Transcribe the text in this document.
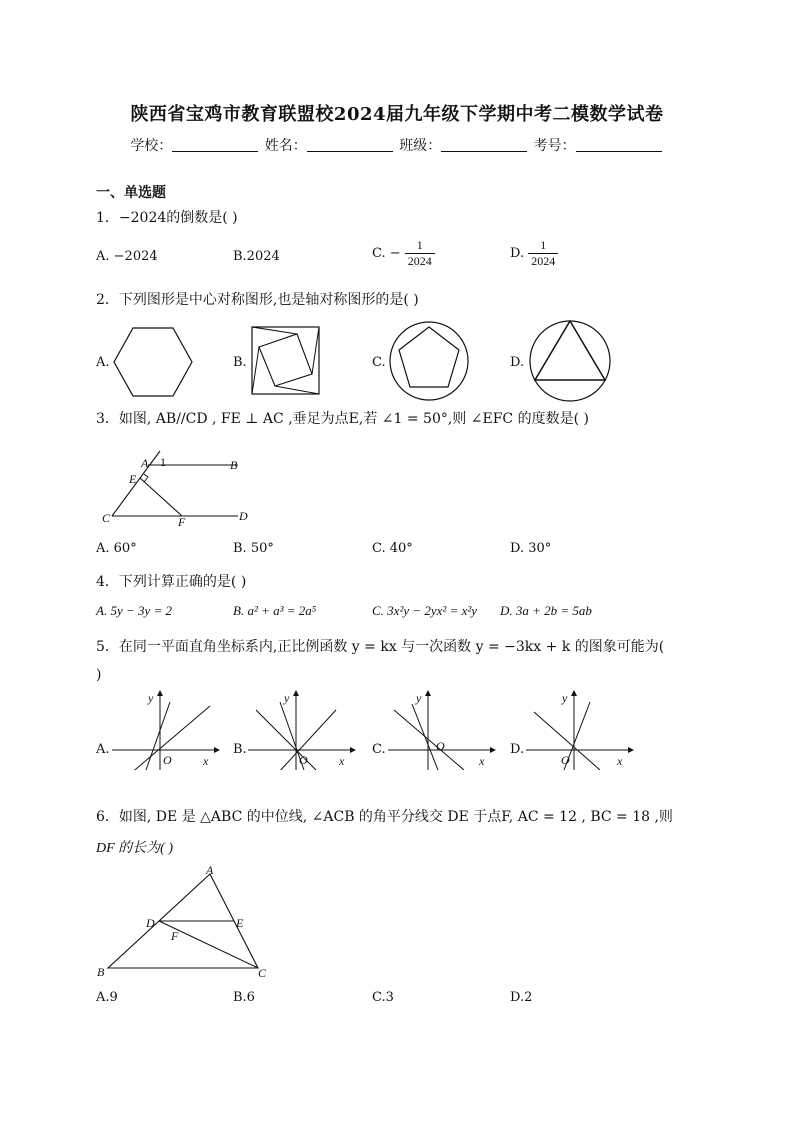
陕西省宝鸡市教育联盟校2024届九年级下学期中考二模数学试卷
学校：	姓名：	班级：	考号：
一、单选题
1．−2024的倒数是( )
A. −2024	B.2024	C. − $\frac{1}{2024}$	D. $\frac{1}{2024}$
2．下列图形是中心对称图形,也是轴对称图形的是( )
A.	B.	C.	D.
3．如图, AB//CD , FE ⊥ AC ,垂足为点E,若 ∠1 = 50°,则 ∠EFC 的度数是( )
A 1	B
E
C	F	D
A. 60°	B. 50°	C. 40°	D. 30°
4．下列计算正确的是( )
A. 5y − 3y = 2	B. a² + a³ = 2a⁵	C. 3x²y − 2yx² = x²y D. 3a + 2b = 5ab
5．在同一平面直角坐标系内,正比例函数 y = kx 与一次函数 y = −3kx + k 的图象可能为(
)
A.
y
x
O
B.
y
x
O
C.
y
x
O	D.
y
x
O
6．如图, DE 是 △ABC 的中位线, ∠ACB 的角平分线交 DE 于点F, AC = 12 , BC = 18 ,则
DF 的长为( )
A
D	E
F
B	C
A.9	B.6	C.3	D.2
